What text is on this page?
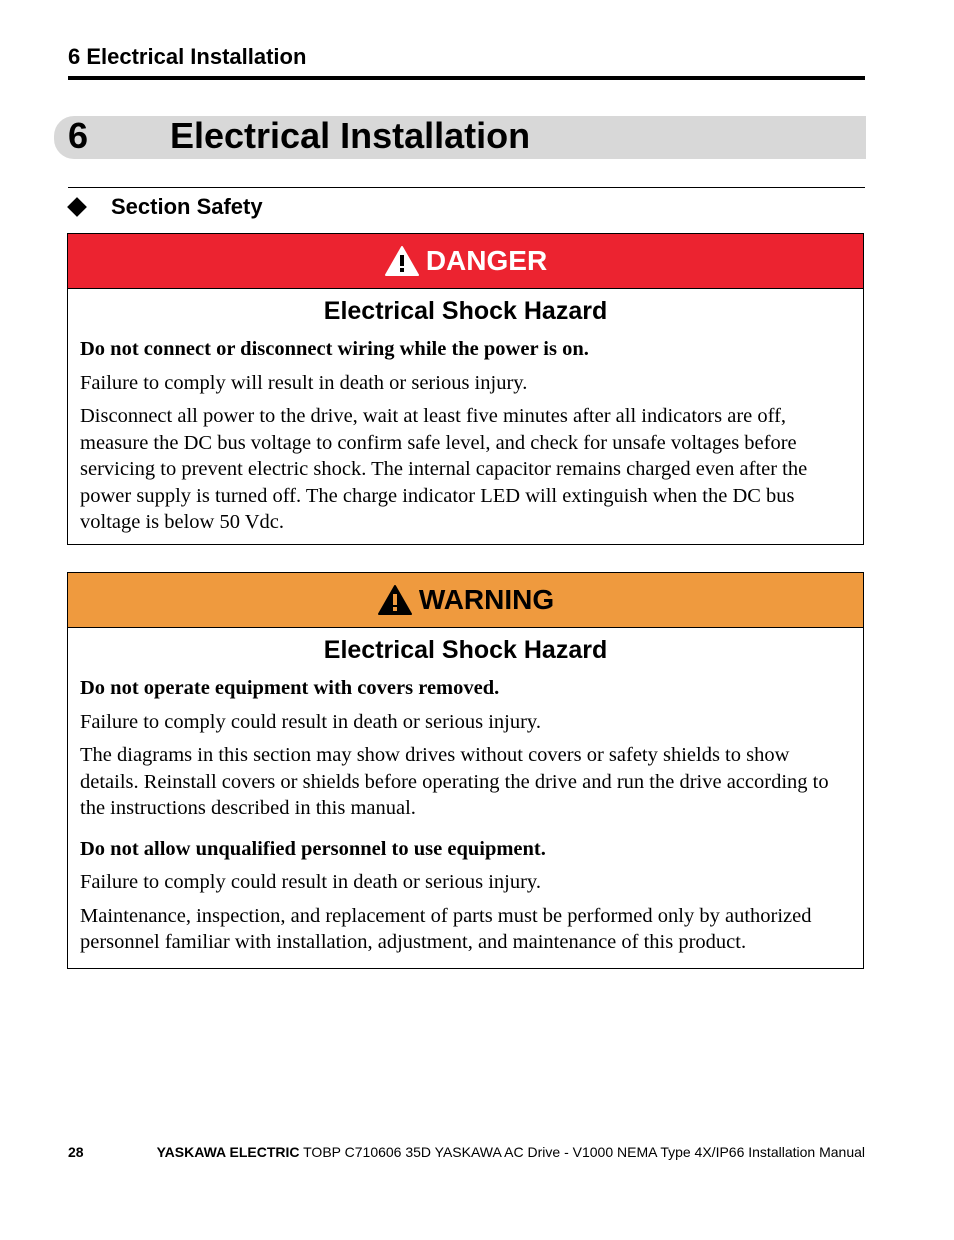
6 Electrical Installation
6 Electrical Installation
Section Safety
DANGER
Electrical Shock Hazard

Do not connect or disconnect wiring while the power is on.

Failure to comply will result in death or serious injury.

Disconnect all power to the drive, wait at least five minutes after all indicators are off, measure the DC bus voltage to confirm safe level, and check for unsafe voltages before servicing to prevent electric shock. The internal capacitor remains charged even after the power supply is turned off. The charge indicator LED will extinguish when the DC bus voltage is below 50 Vdc.

WARNING
Electrical Shock Hazard

Do not operate equipment with covers removed.

Failure to comply could result in death or serious injury.

The diagrams in this section may show drives without covers or safety shields to show details. Reinstall covers or shields before operating the drive and run the drive according to the instructions described in this manual.

Do not allow unqualified personnel to use equipment.

Failure to comply could result in death or serious injury.

Maintenance, inspection, and replacement of parts must be performed only by authorized personnel familiar with installation, adjustment, and maintenance of this product.

28	YASKAWA ELECTRIC TOBP C710606 35D YASKAWA AC Drive - V1000 NEMA Type 4X/IP66 Installation Manual
